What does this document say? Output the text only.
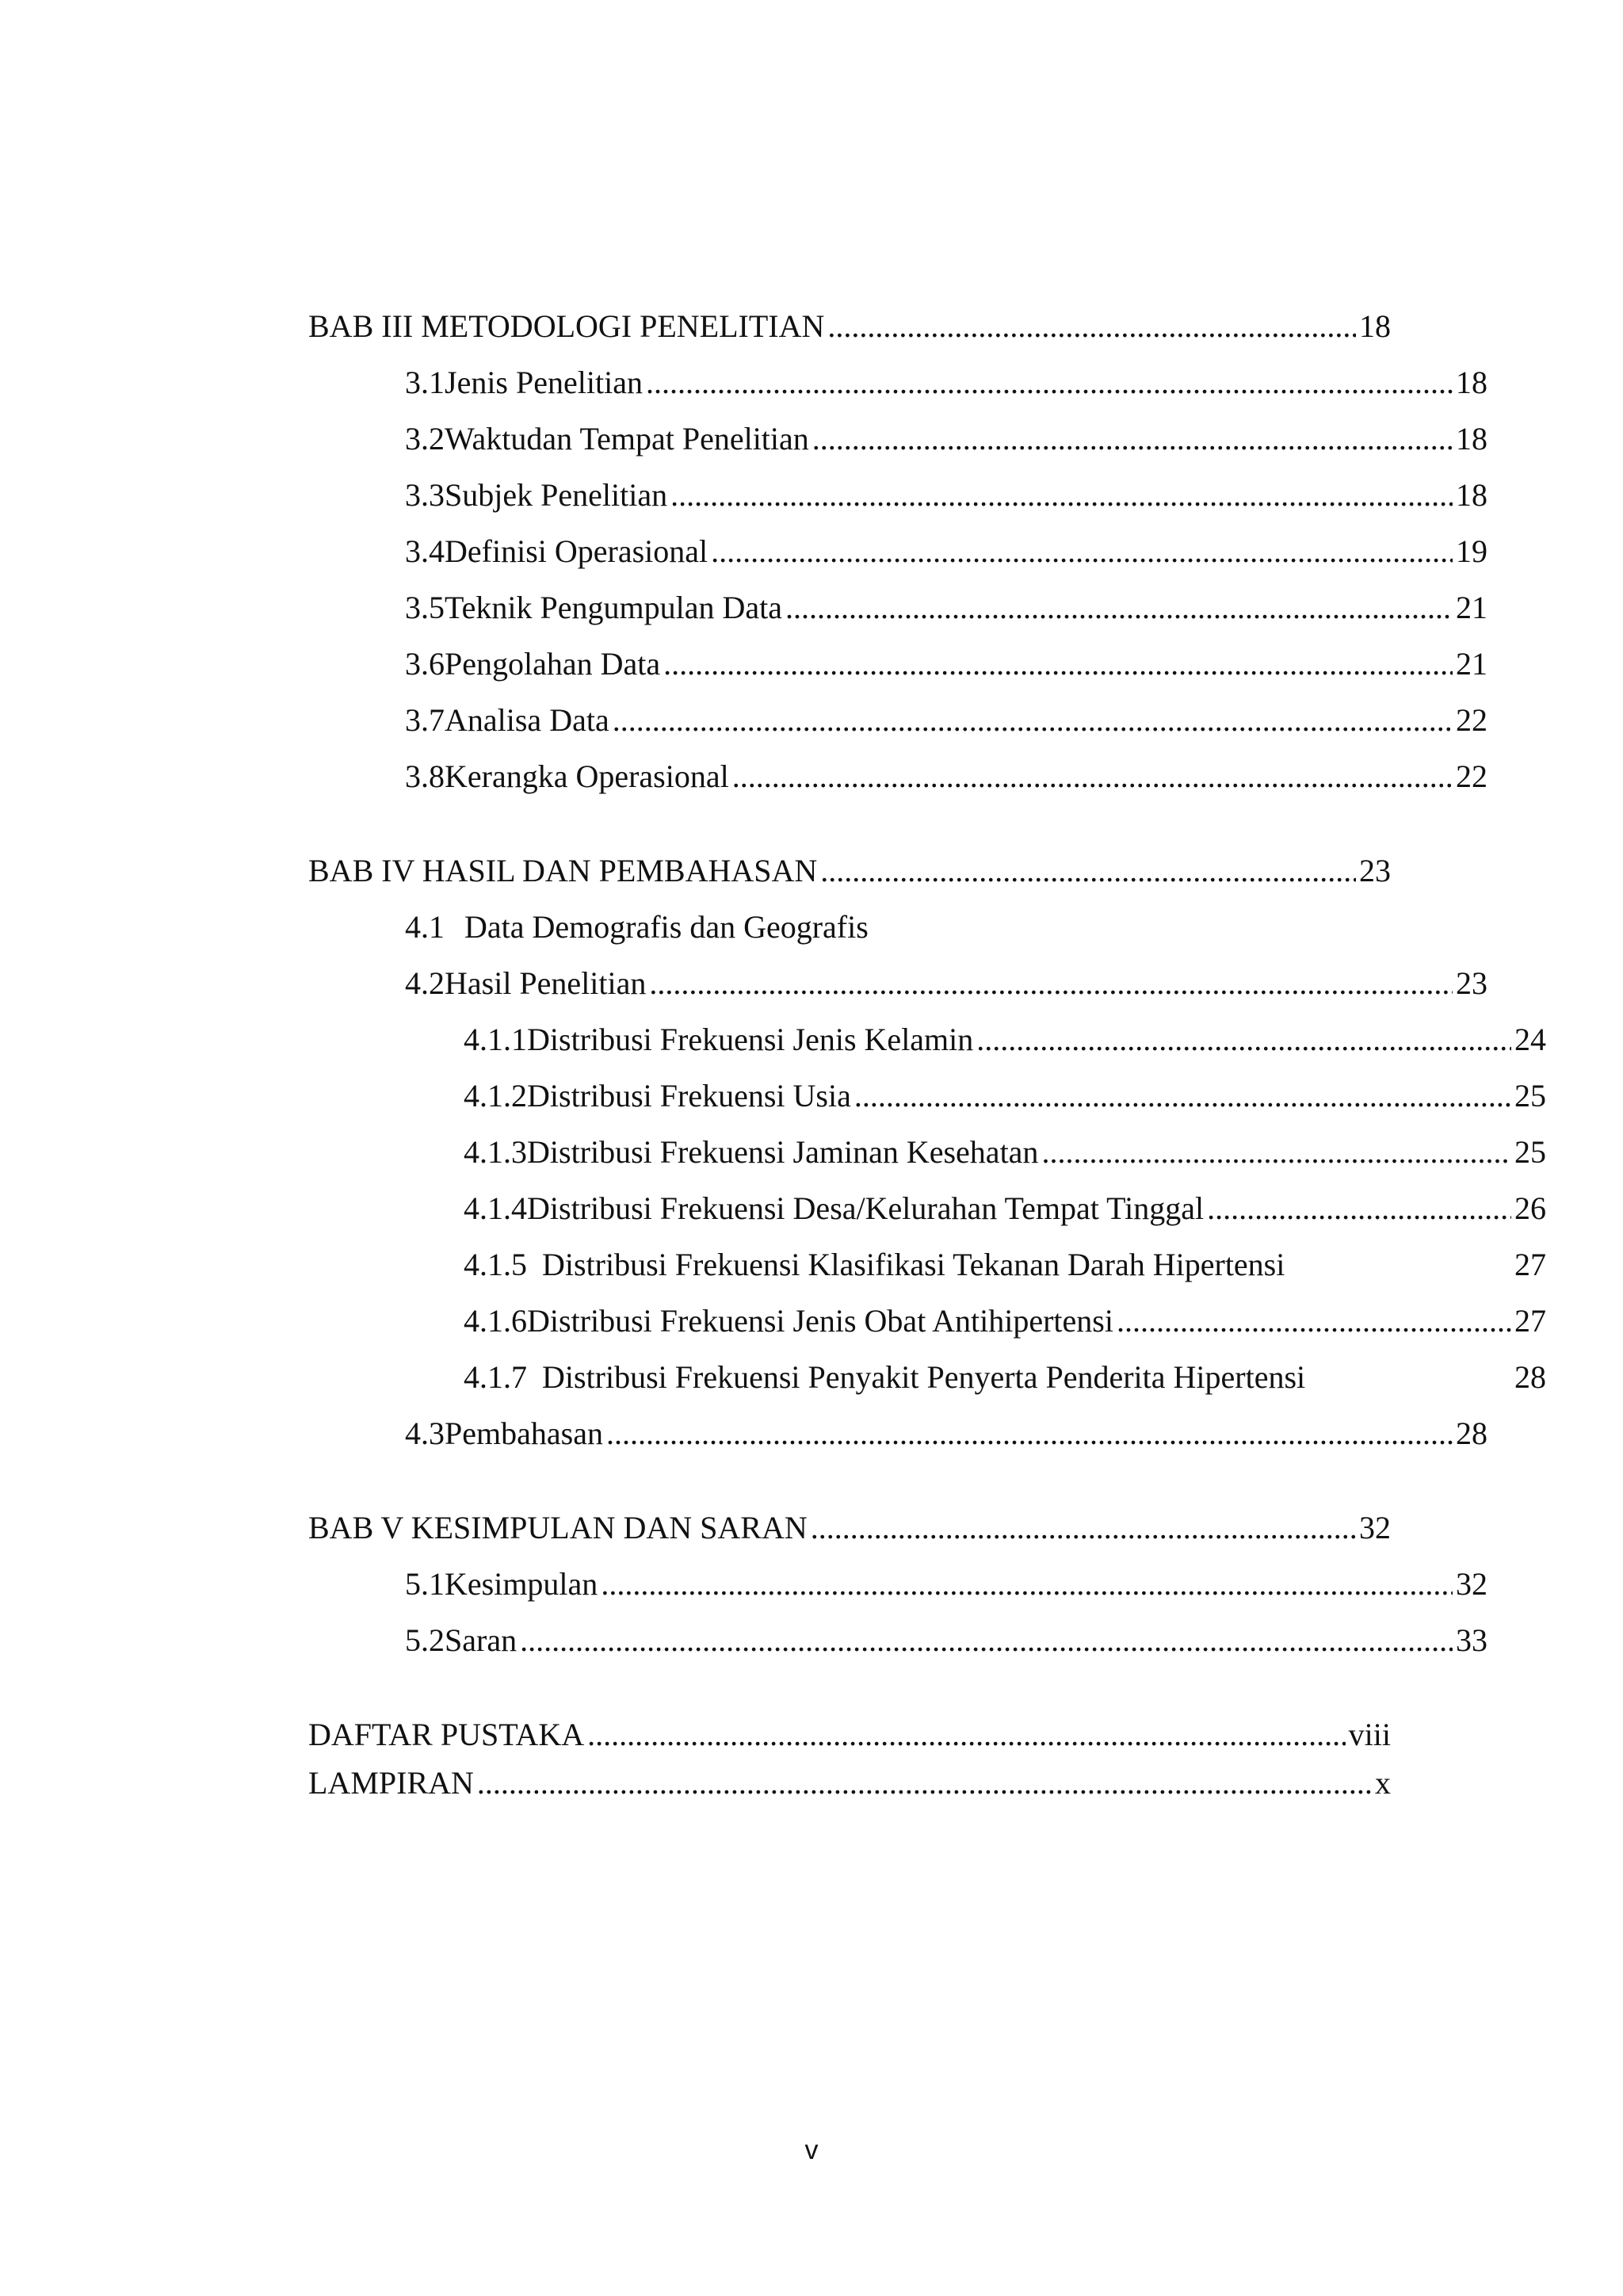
BAB III METODOLOGI PENELITIAN .....	18
3.1 Jenis Penelitian .....	18
3.2 Waktudan Tempat Penelitian .....	18
3.3 Subjek Penelitian .....	18
3.4 Definisi Operasional .....	19
3.5 Teknik Pengumpulan Data .....	21
3.6 Pengolahan Data .....	21
3.7 Analisa Data .....	22
3.8 Kerangka Operasional .....	22
BAB IV HASIL DAN PEMBAHASAN .....	23
4.1 Data Demografis dan Geografis
4.2 Hasil Penelitian .....	23
4.1.1 Distribusi Frekuensi Jenis Kelamin .....	24
4.1.2 Distribusi Frekuensi Usia .....	25
4.1.3 Distribusi Frekuensi Jaminan Kesehatan .....	25
4.1.4 Distribusi Frekuensi Desa/Kelurahan Tempat Tinggal .....	26
4.1.5 Distribusi Frekuensi Klasifikasi Tekanan Darah Hipertensi	27
4.1.6 Distribusi Frekuensi Jenis Obat Antihipertensi .....	27
4.1.7 Distribusi Frekuensi Penyakit Penyerta Penderita Hipertensi	28
4.3 Pembahasan .....	28
BAB V KESIMPULAN DAN SARAN .....	32
5.1 Kesimpulan .....	32
5.2 Saran .....	33
DAFTAR PUSTAKA .....	viii
LAMPIRAN .....	x
v
